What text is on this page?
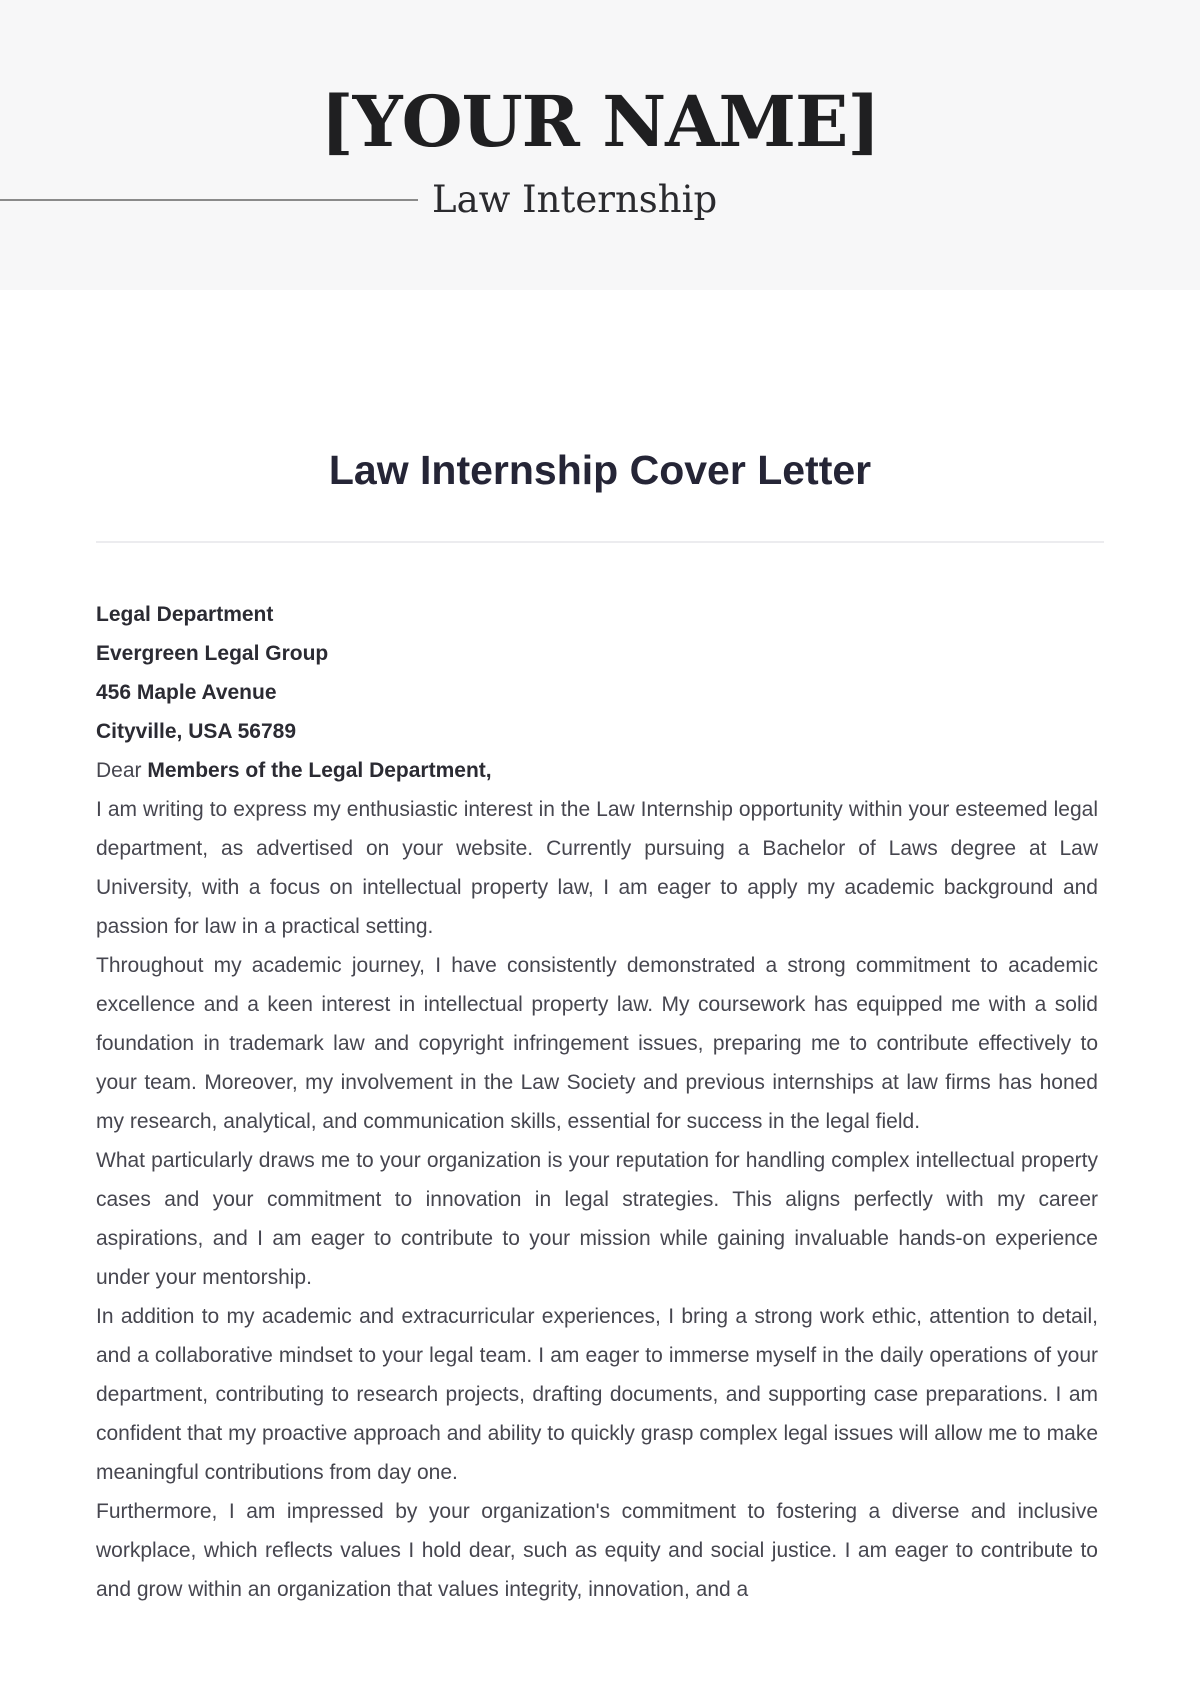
[YOUR NAME]
Law Internship
Law Internship Cover Letter

Legal Department

Evergreen Legal Group

456 Maple Avenue

Cityville, USA 56789

Dear Members of the Legal Department,

I am writing to express my enthusiastic interest in the Law Internship opportunity within your esteemed legal department, as advertised on your website. Currently pursuing a Bachelor of Laws degree at Law University, with a focus on intellectual property law, I am eager to apply my academic background and passion for law in a practical setting.

Throughout my academic journey, I have consistently demonstrated a strong commitment to academic excellence and a keen interest in intellectual property law. My coursework has equipped me with a solid foundation in trademark law and copyright infringement issues, preparing me to contribute effectively to your team. Moreover, my involvement in the Law Society and previous internships at law firms has honed my research, analytical, and communication skills, essential for success in the legal field.

What particularly draws me to your organization is your reputation for handling complex intellectual property cases and your commitment to innovation in legal strategies. This aligns perfectly with my career aspirations, and I am eager to contribute to your mission while gaining invaluable hands-on experience under your mentorship.

In addition to my academic and extracurricular experiences, I bring a strong work ethic, attention to detail, and a collaborative mindset to your legal team. I am eager to immerse myself in the daily operations of your department, contributing to research projects, drafting documents, and supporting case preparations. I am confident that my proactive approach and ability to quickly grasp complex legal issues will allow me to make meaningful contributions from day one.

Furthermore, I am impressed by your organization's commitment to fostering a diverse and inclusive workplace, which reflects values I hold dear, such as equity and social justice. I am eager to contribute to and grow within an organization that values integrity, innovation, and a
